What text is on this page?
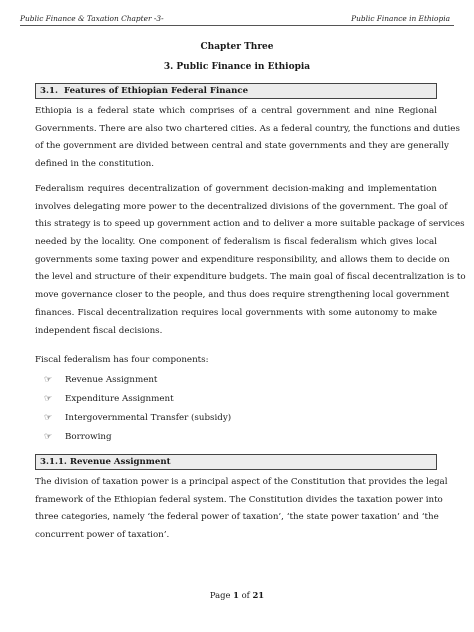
Public Finance & Taxation Chapter -3-	Public Finance in Ethiopia
Chapter Three
3. Public Finance in Ethiopia
3.1. Features of Ethiopian Federal Finance
Ethiopia is a federal state which comprises of a central government and nine Regional
Governments. There are also two chartered cities. As a federal country, the functions and duties
of the government are divided between central and state governments and they are generally
defined in the constitution.
Federalism requires decentralization of government decision-making and implementation
involves delegating more power to the decentralized divisions of the government. The goal of
this strategy is to speed up government action and to deliver a more suitable package of services
needed by the locality. One component of federalism is fiscal federalism which gives local
governments some taxing power and expenditure responsibility, and allows them to decide on
the level and structure of their expenditure budgets. The main goal of fiscal decentralization is to
move governance closer to the people, and thus does require strengthening local government
finances. Fiscal decentralization requires local governments with some autonomy to make
independent fiscal decisions.
Fiscal federalism has four components:
☞	Revenue Assignment
☞	Expenditure Assignment
☞	Intergovernmental Transfer (subsidy)
☞	Borrowing
3.1.1. Revenue Assignment
The division of taxation power is a principal aspect of the Constitution that provides the legal
framework of the Ethiopian federal system. The Constitution divides the taxation power into
three categories, namely ‘the federal power of taxation’, ‘the state power taxation’ and ‘the
concurrent power of taxation’.
Page 1 of 21
